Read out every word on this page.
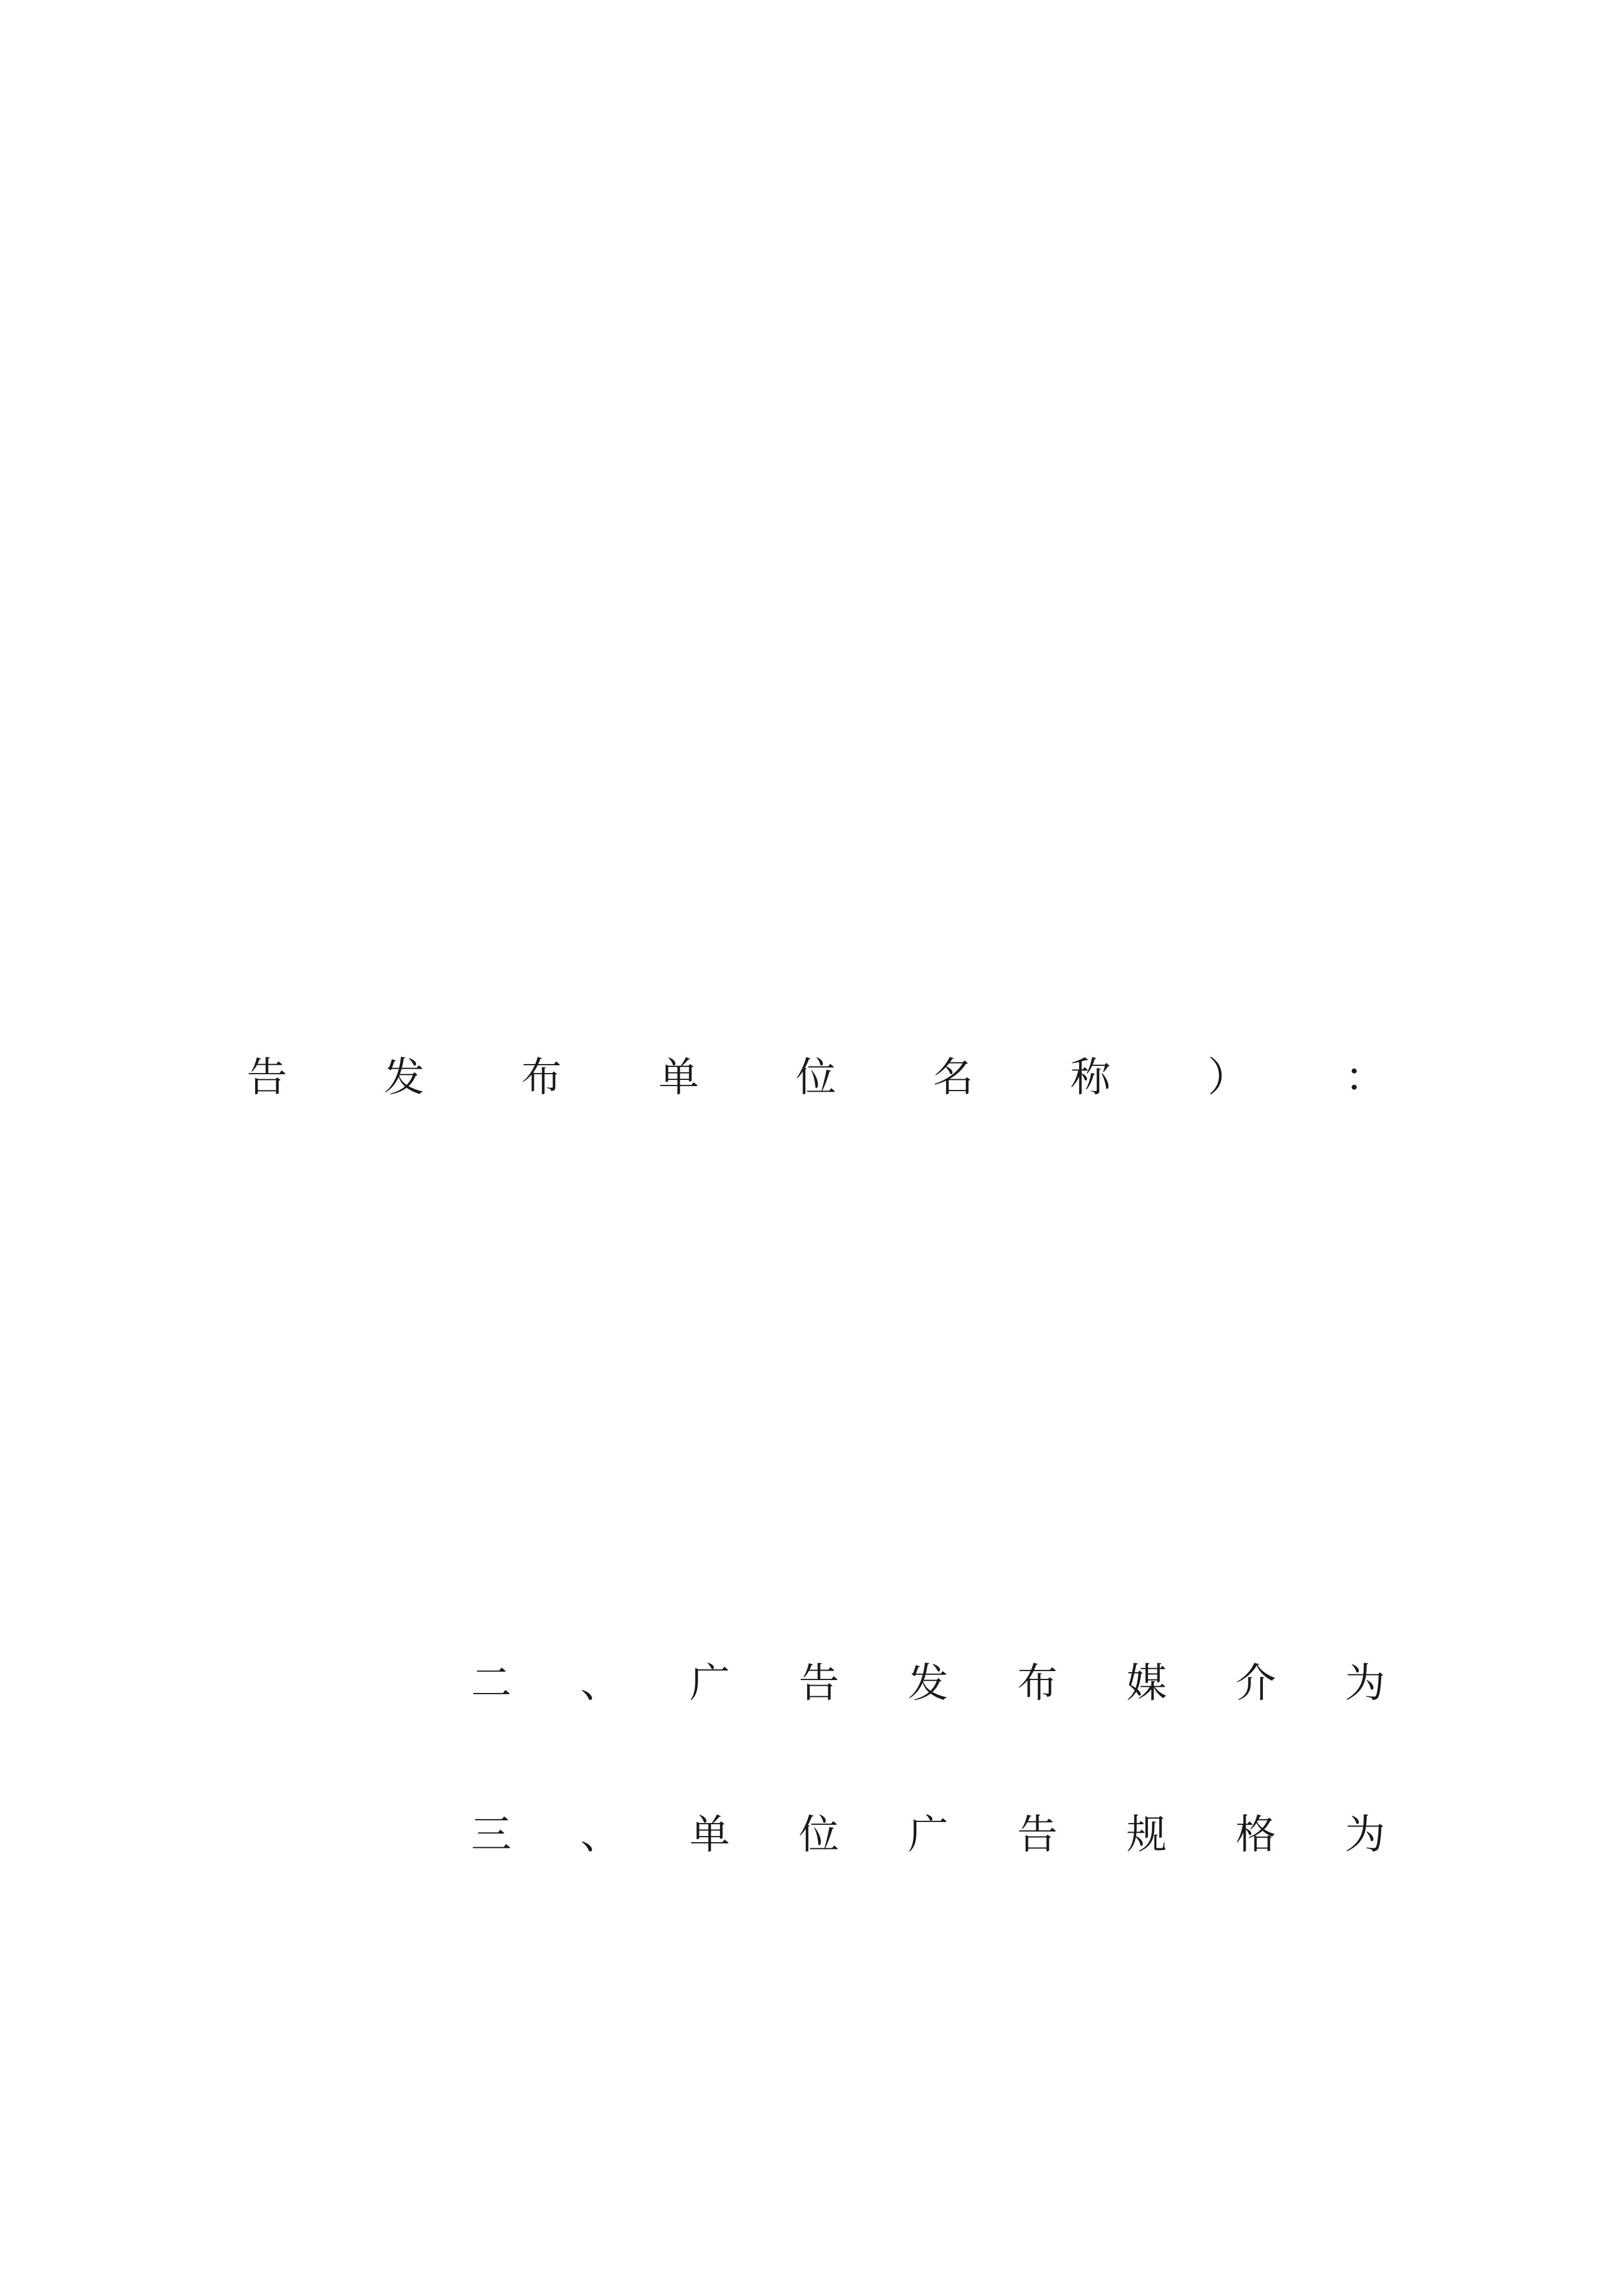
告 发 布 单 位 名 称 ） ：

二 、 广 告 发 布 媒 介 为

三 、 单 位 广 告 规 格 为
